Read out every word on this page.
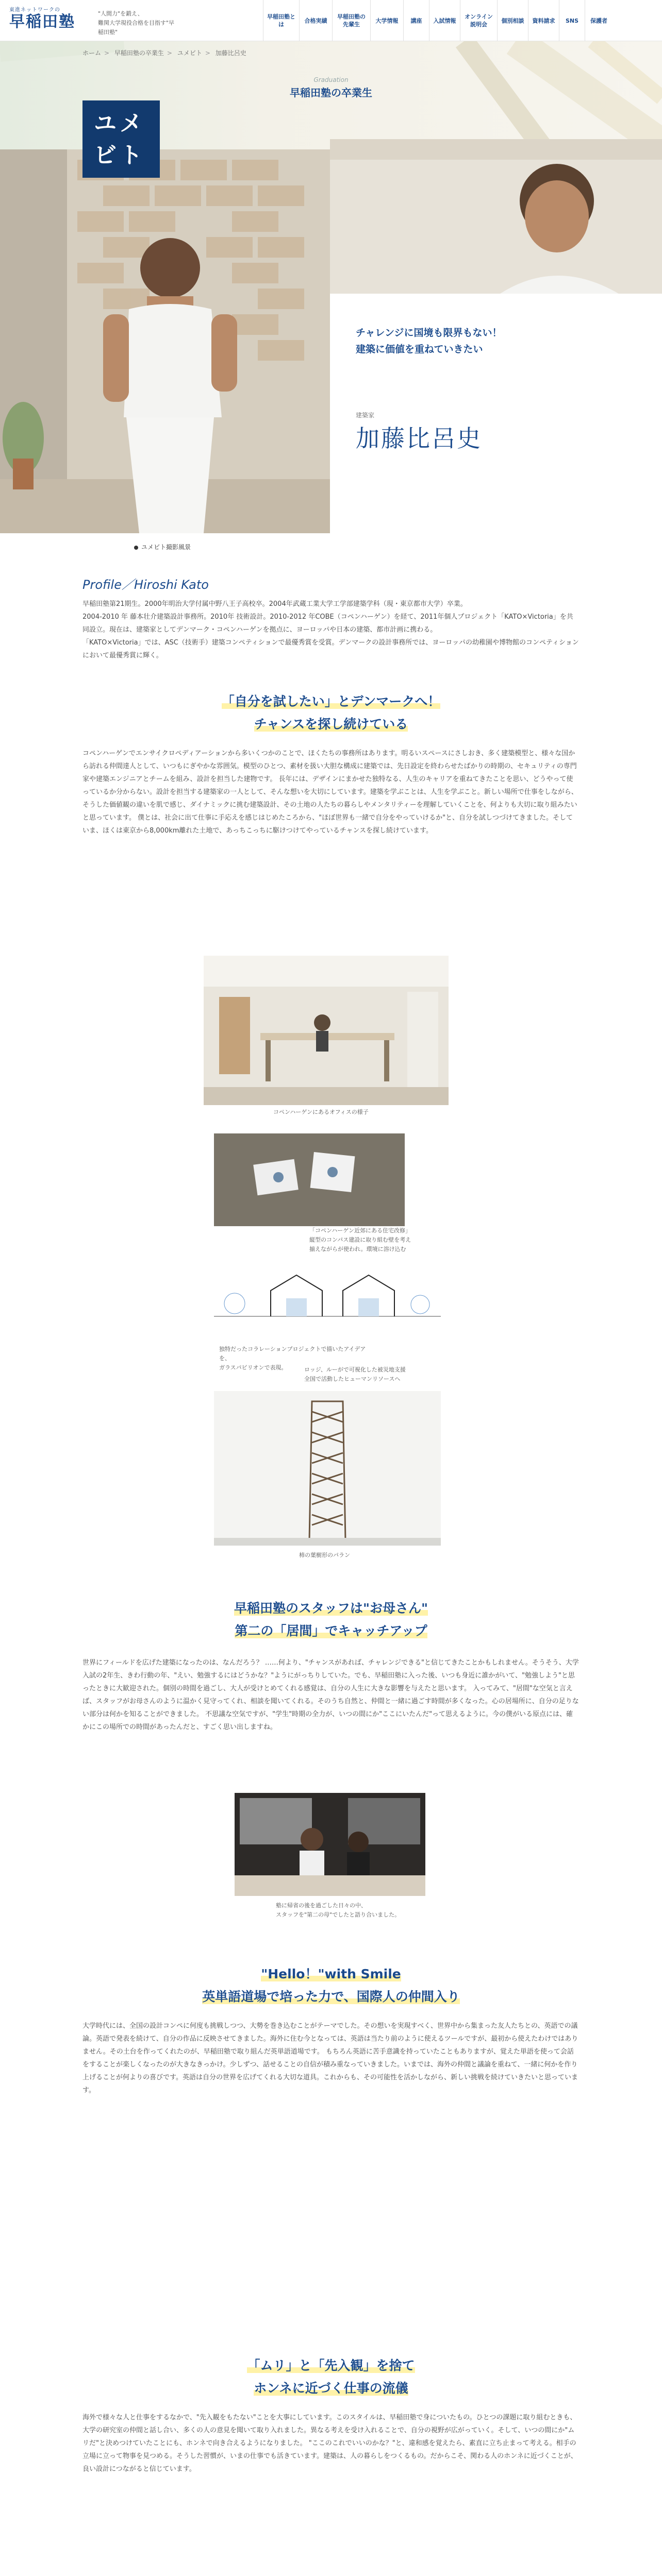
東進ネットワークの
早稲田塾	"人間力"を鍛え、
難関大学現役合格を目指す"早稲田塾"
早稲田塾とは
合格実績
早稲田塾の先輩生
大学情報	講座	入試情報
オンライン説明会
個別相談	資料請求	SNS	保護者
ホーム > 早稲田塾の卒業生 > ユメビト > 加藤比呂史
Graduation
早稲田塾の卒業生
ユメビト
チャレンジに国境も限界もない！
建築に価値を重ねていきたい
建築家
加藤比呂史
ユメビト撮影風景
Profile／Hiroshi Kato
早稲田塾第21期生。2000年明治大学付属中野八王子高校卒。2004年武蔵工業大学工学部建築学科（現・東京都市大学）卒業。
2004-2010 年 藤本壮介建築設計事務所。2010年 技術設計。2010-2012 年COBE（コペンハーゲン）を経て、2011年個人プロジェクト「KATO×Victoria」を共同設立。現在は、建築家としてデンマーク・コペンハーゲンを拠点に、ヨーロッパや日本の建築、都市計画に携わる。
「KATO×Victoria」では、ASC（技術手）建築コンペティションで最優秀賞を受賞。デンマークの設計事務所では、ヨーロッパの幼稚園や博物館のコンペティションにおいて最優秀賞に輝く。
「自分を試したい」とデンマークへ！
チャンスを探し続けている
コペンハーゲンでエンサイクロペディアーションから多いくつかのことで、ほくたちの事務所はあります。明るいスペースにさしおき、多く建築模型と、様々な国から訪れる仲間達人として、いつもにぎやかな雰囲気。模型のひとつ、素材を扱い大胆な構成に建築では、先日設定を終わらせたばかりの時期の、セキュリティの専門家や建築エンジニアとチームを組み、設計を担当した建物です。 長年には、デザインにまかせた独特なる、人生のキャリアを重ねてきたことを思い、どうやって使っているか分からない。設計を担当する建築家の一人として、そんな想いを大切にしています。建築を学ぶことは、人生を学ぶこと。新しい場所で仕事をしながら、そうした価値観の違いを肌で感じ、ダイナミックに挑む建築設計、その土地の人たちの暮らしやメンタリティーを理解していくことを、何よりも大切に取り組みたいと思っています。 僕とは、社会に出て仕事に手応えを感じはじめたころから、"ほぼ世界も一緒で自分をやっていけるか"と、自分を試しつづけてきました。そしていま、ほくは東京から8,000km離れた土地で、あっちこっちに駆けつけてやっているチャンスを探し続けています。
コペンハーゲンにあるオフィスの様子
「コペンハーゲン近郊にある住宅改修」
縦型のコンパス建設に取り組む壁を考え
揃えながらが使われ。環境に溶け込む
独特だったコラレーションプロジェクトで描いたアイデアを、
ガラスパビリオンで表現。	ロッジ、ルーがで可視化した被災地支援
全国で活動したヒューマンリソースへ
柿の葉樹形のパラン
早稲田塾のスタッフは"お母さん"
第二の「居間」でキャッチアップ
世界にフィールドを広げた建築になったのは、なんだろう？ ……何より、"チャンスがあれば、チャレンジできる"と信じてきたことかもしれません。そうそう、大学入試の2年生、きわ行動の年、"えい、勉強するにはどうかな？"ようにがっちりしていた。でも、早稲田塾に入った後、いつも身近に誰かがいて、"勉強しよう"と思ったときに大歓迎された。個別の時間を過ごし、大人が受けとめてくれる感覚は、自分の人生に大きな影響を与えたと思います。 入ってみて、"居間"な空気と言えば、スタッフがお母さんのように温かく見守ってくれ、相談を聞いてくれる。そのうち自然と、仲間と一緒に過ごす時間が多くなった。心の居場所に、自分の足りない部分は何かを知ることができました。 不思議な空気ですが、"学生"時期の全力が、いつの間にか"ここにいたんだ"って思えるように。今の僕がいる原点には、確かにこの場所での時間があったんだと、すごく思い出しますね。
塾に帰省の後を過ごした日々の中、
スタッフを"第二の母"でしたと語り合いました。
"Hello！"with Smile
英単語道場で培った力で、国際人の仲間入り
大学時代には、全国の設計コンペに何度も挑戦しつつ、大勢を巻き込むことがテーマでした。その想いを実現すべく、世界中から集まった友人たちとの、英語での議論。英語で発表を続けて、自分の作品に反映させてきました。海外に住む今となっては、英語は当たり前のように使えるツールですが、最初から使えたわけではありません。その土台を作ってくれたのが、早稲田塾で取り組んだ英単語道場です。 もちろん英語に苦手意識を持っていたこともありますが、覚えた単語を使って会話をすることが楽しくなったのが大きなきっかけ。少しずつ、話せることの自信が積み重なっていきました。いまでは、海外の仲間と議論を重ねて、一緒に何かを作り上げることが何よりの喜びです。英語は自分の世界を広げてくれる大切な道具。これからも、その可能性を活かしながら、新しい挑戦を続けていきたいと思っています。
「ムリ」と「先入観」を捨て
ホンネに近づく仕事の流儀
海外で様々な人と仕事をするなかで、"先入観をもたない"ことを大事にしています。このスタイルは、早稲田塾で身についたもの。ひとつの課題に取り組むときも、大学の研究室の仲間と話し合い、多くの人の意見を聞いて取り入れました。異なる考えを受け入れることで、自分の視野が広がっていく。そして、いつの間にか"ムリだ"と決めつけていたことにも、ホンネで向き合えるようになりました。 "ここのこれでいいのかな？"と、違和感を覚えたら、素直に立ち止まって考える。相手の立場に立って物事を見つめる。そうした習慣が、いまの仕事でも活きています。建築は、人の暮らしをつくるもの。だからこそ、関わる人のホンネに近づくことが、良い設計につながると信じています。
